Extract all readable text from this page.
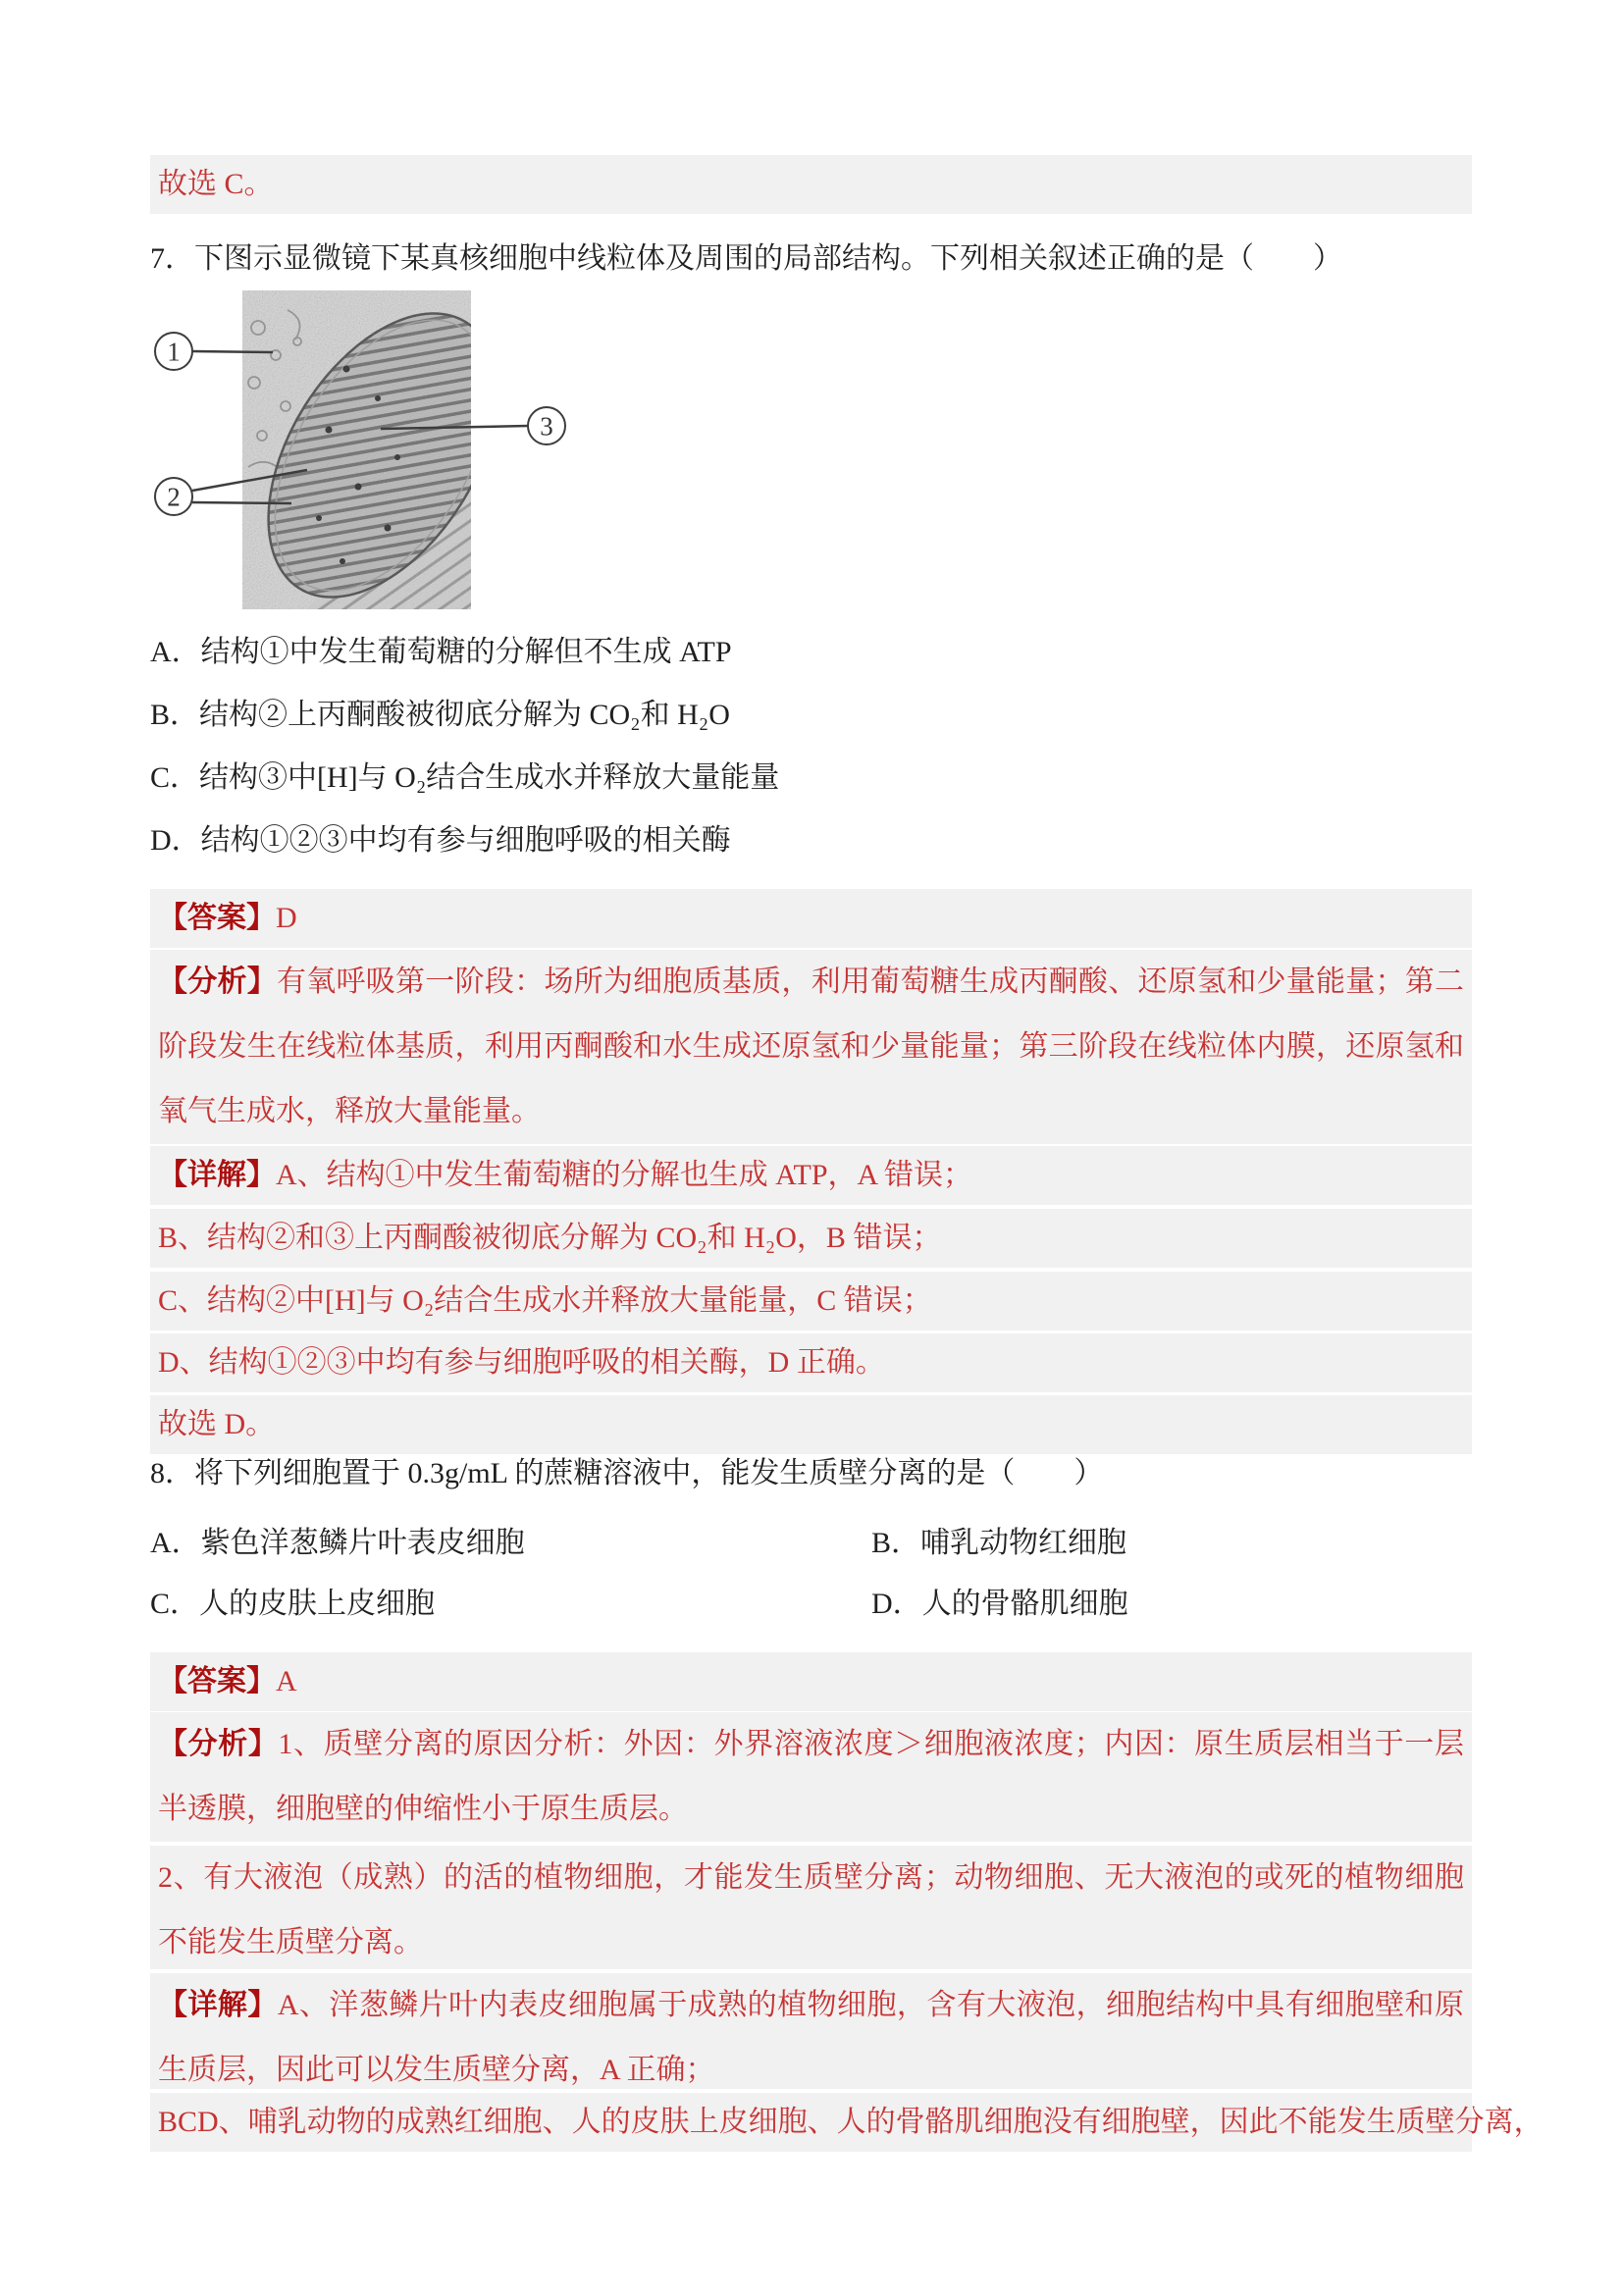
故选 C。
7．下图示显微镜下某真核细胞中线粒体及周围的局部结构。下列相关叙述正确的是（　　）
1
2
3
A．结构①中发生葡萄糖的分解但不生成 ATP
B．结构②上丙酮酸被彻底分解为 CO₂和 H₂O
C．结构③中[H]与 O₂结合生成水并释放大量能量
D．结构①②③中均有参与细胞呼吸的相关酶
【答案】D
【分析】有氧呼吸第一阶段：场所为细胞质基质，利用葡萄糖生成丙酮酸、还原氢和少量能量；第二阶段发生在线粒体基质，利用丙酮酸和水生成还原氢和少量能量；第三阶段在线粒体内膜，还原氢和氧气生成水，释放大量能量。
【详解】A、结构①中发生葡萄糖的分解也生成 ATP，A 错误；
B、结构②和③上丙酮酸被彻底分解为 CO₂和 H₂O，B 错误；
C、结构②中[H]与 O₂结合生成水并释放大量能量，C 错误；
D、结构①②③中均有参与细胞呼吸的相关酶，D 正确。
故选 D。
8．将下列细胞置于 0.3g/mL 的蔗糖溶液中，能发生质壁分离的是（　　）
A．紫色洋葱鳞片叶表皮细胞	B．哺乳动物红细胞
C．人的皮肤上皮细胞	D．人的骨骼肌细胞
【答案】A
【分析】1、质壁分离的原因分析：外因：外界溶液浓度＞细胞液浓度；内因：原生质层相当于一层半透膜，细胞壁的伸缩性小于原生质层。
2、有大液泡（成熟）的活的植物细胞，才能发生质壁分离；动物细胞、无大液泡的或死的植物细胞不能发生质壁分离。
【详解】A、洋葱鳞片叶内表皮细胞属于成熟的植物细胞，含有大液泡，细胞结构中具有细胞壁和原生质层，因此可以发生质壁分离，A 正确；
BCD、哺乳动物的成熟红细胞、人的皮肤上皮细胞、人的骨骼肌细胞没有细胞壁，因此不能发生质壁分离，
